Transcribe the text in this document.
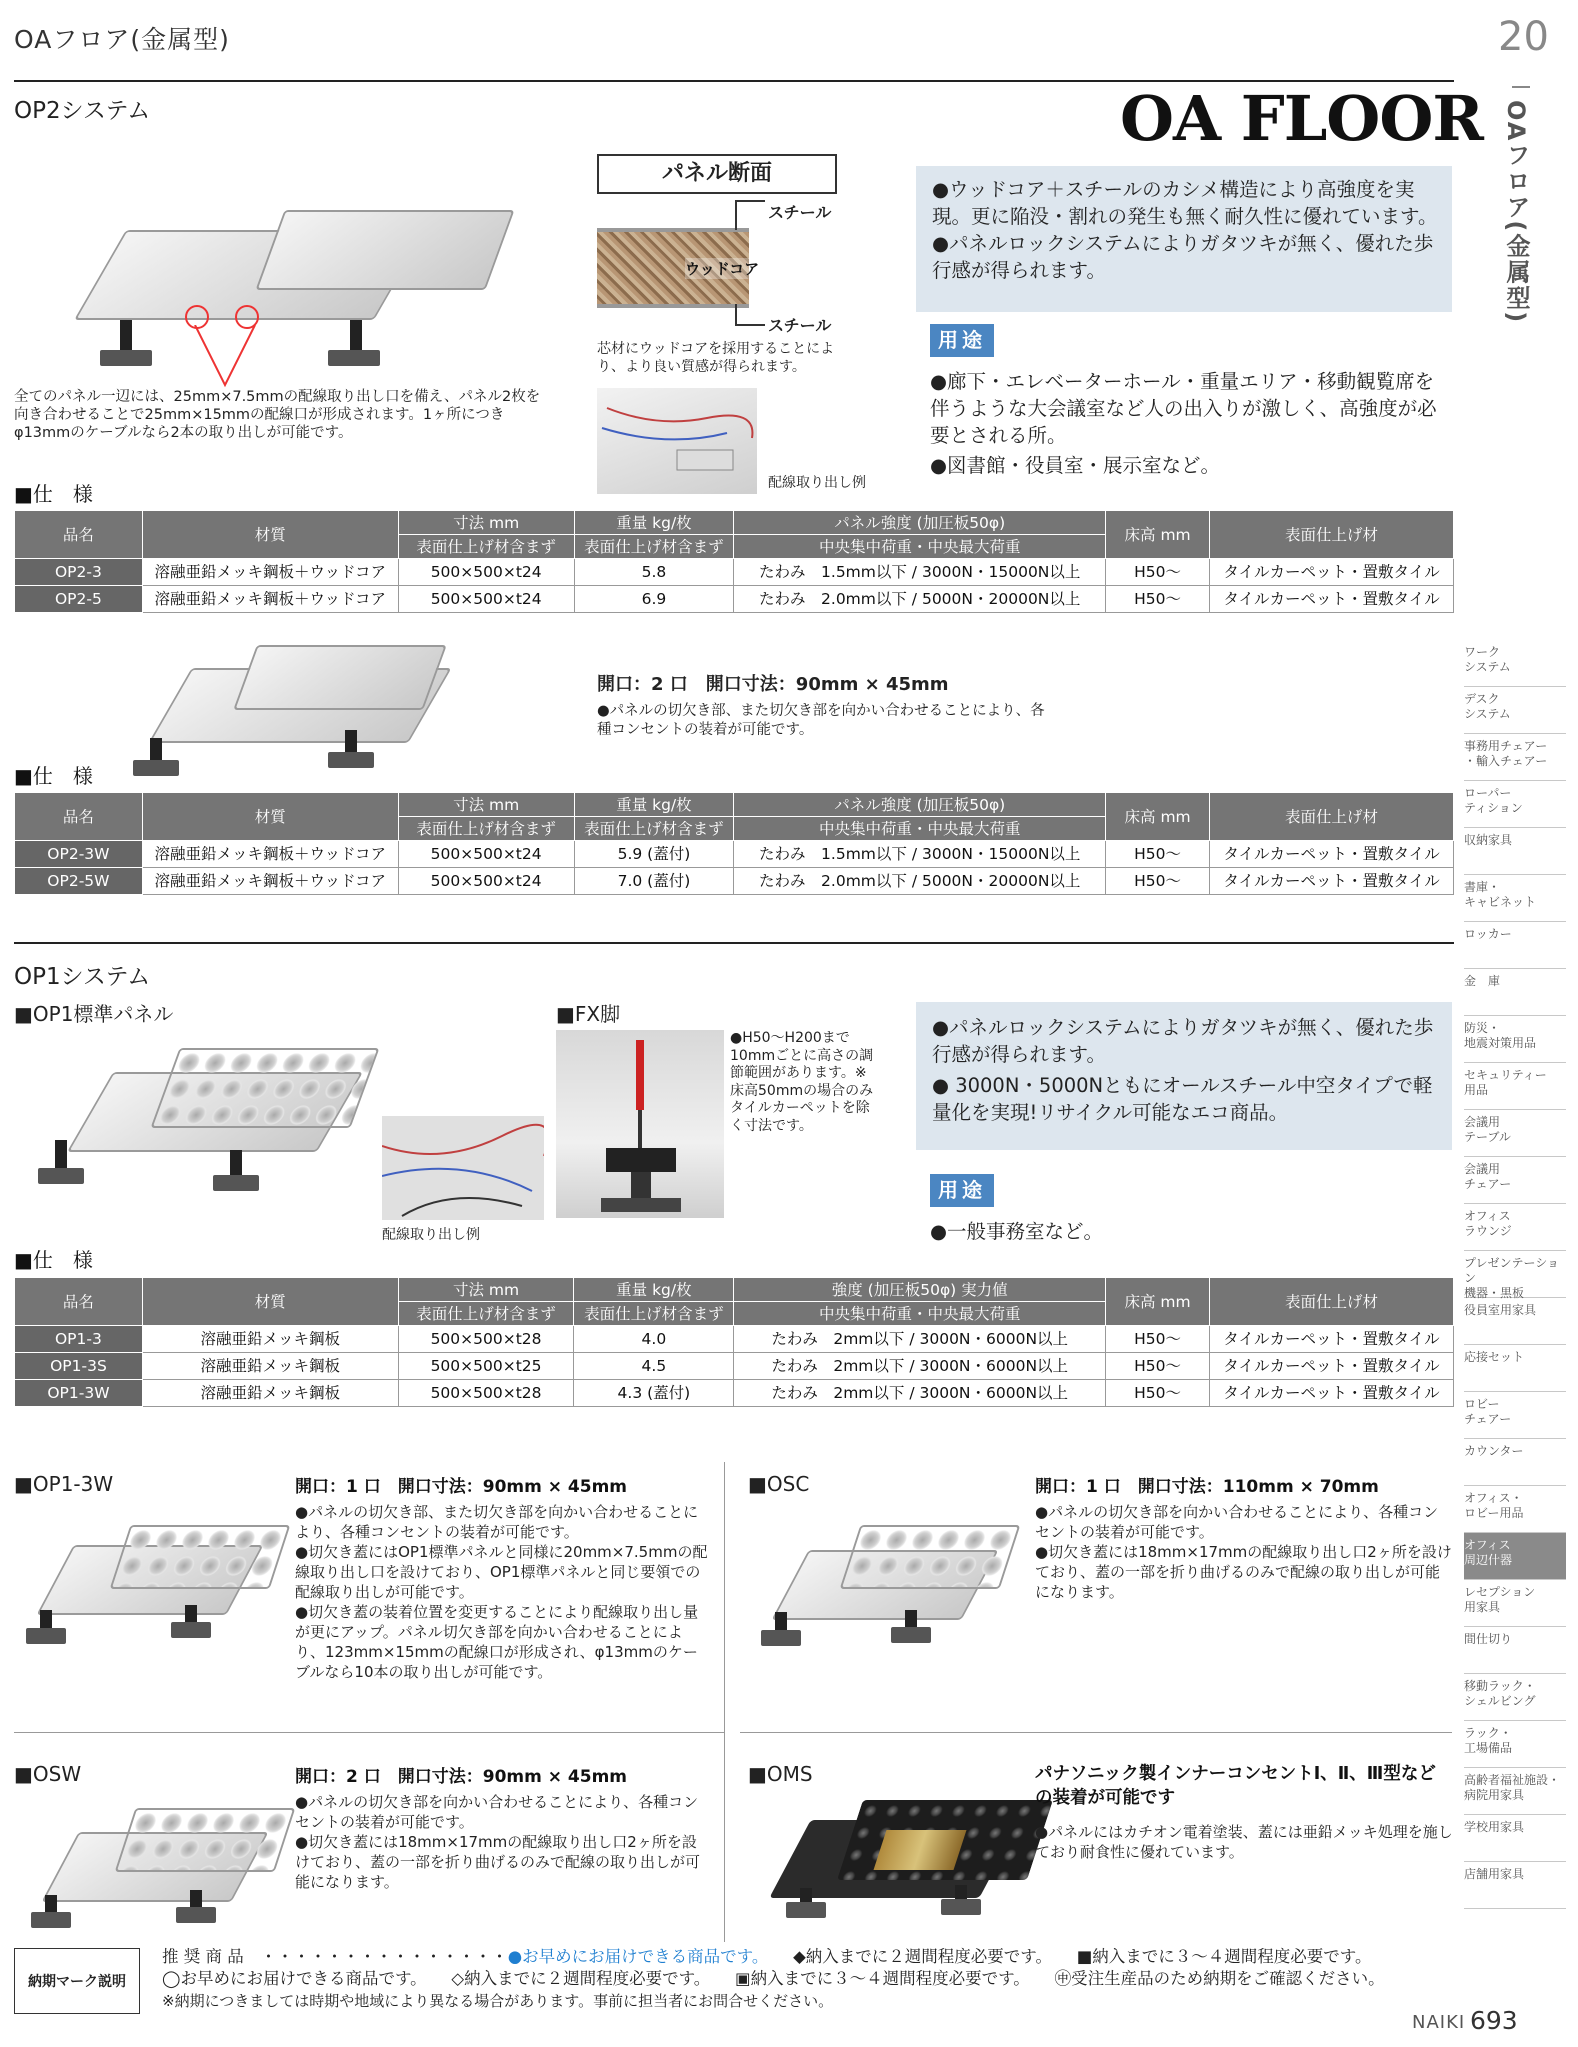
OAフロア(金属型)	20
OAフロア(金属型)
OP2システム	OA FLOOR
全てのパネル一辺には、25mm×7.5mmの配線取り出し口を備え、パネル2枚を向き合わせることで25mm×15mmの配線口が形成されます。1ヶ所につきφ13mmのケーブルなら2本の取り出しが可能です。
パネル断面
ウッドコア
スチール
スチール
芯材にウッドコアを採用することにより、より良い質感が得られます。
配線取り出し例
●ウッドコア＋スチールのカシメ構造により高強度を実現。更に陥没・割れの発生も無く耐久性に優れています。
●パネルロックシステムによりガタツキが無く、優れた歩行感が得られます。
用途
●廊下・エレベーターホール・重量エリア・移動観覧席を伴うような大会議室など人の出入りが激しく、高強度が必要とされる所。
●図書館・役員室・展示室など。
■仕　様
品名	材質	寸法 mm	重量 kg/枚	パネル強度 (加圧板50φ)	床高 mm	表面仕上げ材
		表面仕上げ材含まず	表面仕上げ材含まず	中央集中荷重・中央最大荷重		
OP2-3	溶融亜鉛メッキ鋼板＋ウッドコア	500×500×t24	5.8	たわみ　1.5mm以下 / 3000N・15000N以上	H50〜	タイルカーペット・置敷タイル
OP2-5	溶融亜鉛メッキ鋼板＋ウッドコア	500×500×t24	6.9	たわみ　2.0mm以下 / 5000N・20000N以上	H50〜	タイルカーペット・置敷タイル
開口：2 口　開口寸法：90mm × 45mm
●パネルの切欠き部、また切欠き部を向かい合わせることにより、各種コンセントの装着が可能です。
■仕　様
品名	材質	寸法 mm	重量 kg/枚	パネル強度 (加圧板50φ)	床高 mm	表面仕上げ材
		表面仕上げ材含まず	表面仕上げ材含まず	中央集中荷重・中央最大荷重		
OP2-3W	溶融亜鉛メッキ鋼板＋ウッドコア	500×500×t24	5.9 (蓋付)	たわみ　1.5mm以下 / 3000N・15000N以上	H50〜	タイルカーペット・置敷タイル
OP2-5W	溶融亜鉛メッキ鋼板＋ウッドコア	500×500×t24	7.0 (蓋付)	たわみ　2.0mm以下 / 5000N・20000N以上	H50〜	タイルカーペット・置敷タイル
OP1システム
■OP1標準パネル
配線取り出し例
■FX脚
●H50〜H200まで10mmごとに高さの調節範囲があります。※床高50mmの場合のみタイルカーペットを除く寸法です。
●パネルロックシステムによりガタツキが無く、優れた歩行感が得られます。
● 3000N・5000Nともにオールスチール中空タイプで軽量化を実現!リサイクル可能なエコ商品。
用途
●一般事務室など。
■仕　様
品名	材質	寸法 mm	重量 kg/枚	強度 (加圧板50φ) 実力値	床高 mm	表面仕上げ材
		表面仕上げ材含まず	表面仕上げ材含まず	中央集中荷重・中央最大荷重		
OP1-3	溶融亜鉛メッキ鋼板	500×500×t28	4.0	たわみ　2mm以下 / 3000N・6000N以上	H50〜	タイルカーペット・置敷タイル
OP1-3S	溶融亜鉛メッキ鋼板	500×500×t25	4.5	たわみ　2mm以下 / 3000N・6000N以上	H50〜	タイルカーペット・置敷タイル
OP1-3W	溶融亜鉛メッキ鋼板	500×500×t28	4.3 (蓋付)	たわみ　2mm以下 / 3000N・6000N以上	H50〜	タイルカーペット・置敷タイル
■OP1-3W	開口：1 口　開口寸法：90mm × 45mm
●パネルの切欠き部、また切欠き部を向かい合わせることにより、各種コンセントの装着が可能です。
●切欠き蓋にはOP1標準パネルと同様に20mm×7.5mmの配線取り出し口を設けており、OP1標準パネルと同じ要領での配線取り出しが可能です。
●切欠き蓋の装着位置を変更することにより配線取り出し量が更にアップ。パネル切欠き部を向かい合わせることにより、123mm×15mmの配線口が形成され、φ13mmのケーブルなら10本の取り出しが可能です。
■OSC	開口：1 口　開口寸法：110mm × 70mm
●パネルの切欠き部を向かい合わせることにより、各種コンセントの装着が可能です。
●切欠き蓋には18mm×17mmの配線取り出し口2ヶ所を設けており、蓋の一部を折り曲げるのみで配線の取り出しが可能になります。
■OSW	開口：2 口　開口寸法：90mm × 45mm
●パネルの切欠き部を向かい合わせることにより、各種コンセントの装着が可能です。
●切欠き蓋には18mm×17mmの配線取り出し口2ヶ所を設けており、蓋の一部を折り曲げるのみで配線の取り出しが可能になります。
■OMS	パナソニック製インナーコンセントⅠ、Ⅱ、Ⅲ型などの装着が可能です
●パネルにはカチオン電着塗装、蓋には亜鉛メッキ処理を施しており耐食性に優れています。
ワーク
システム
デスク
システム
事務用チェアー
・輸入チェアー
ローパー
ティション
収納家具
書庫・
キャビネット
ロッカー
金　庫
防災・
地震対策用品
セキュリティー
用品
会議用
テーブル
会議用
チェアー
オフィス
ラウンジ
プレゼンテーション
機器・黒板
役員室用家具
応接セット
ロビー
チェアー
カウンター
オフィス・
ロビー用品
オフィス
周辺什器
レセプション
用家具
間仕切り
移動ラック・
シェルビング
ラック・
工場備品
高齢者福祉施設・
病院用家具
学校用家具
店舗用家具
納期マーク説明
推 奨 商 品　・・・・・・・・・・・・・・・●お早めにお届けできる商品です。　　 ◆納入までに２週間程度必要です。　　 ■納入までに３〜４週間程度必要です。
◯お早めにお届けできる商品です。　　 ◇納入までに２週間程度必要です。　　 ▣納入までに３〜４週間程度必要です。　　 ㊥受注生産品のため納期をご確認ください。
※納期につきましては時期や地域により異なる場合があります。事前に担当者にお問合せください。
NAIKI 693
